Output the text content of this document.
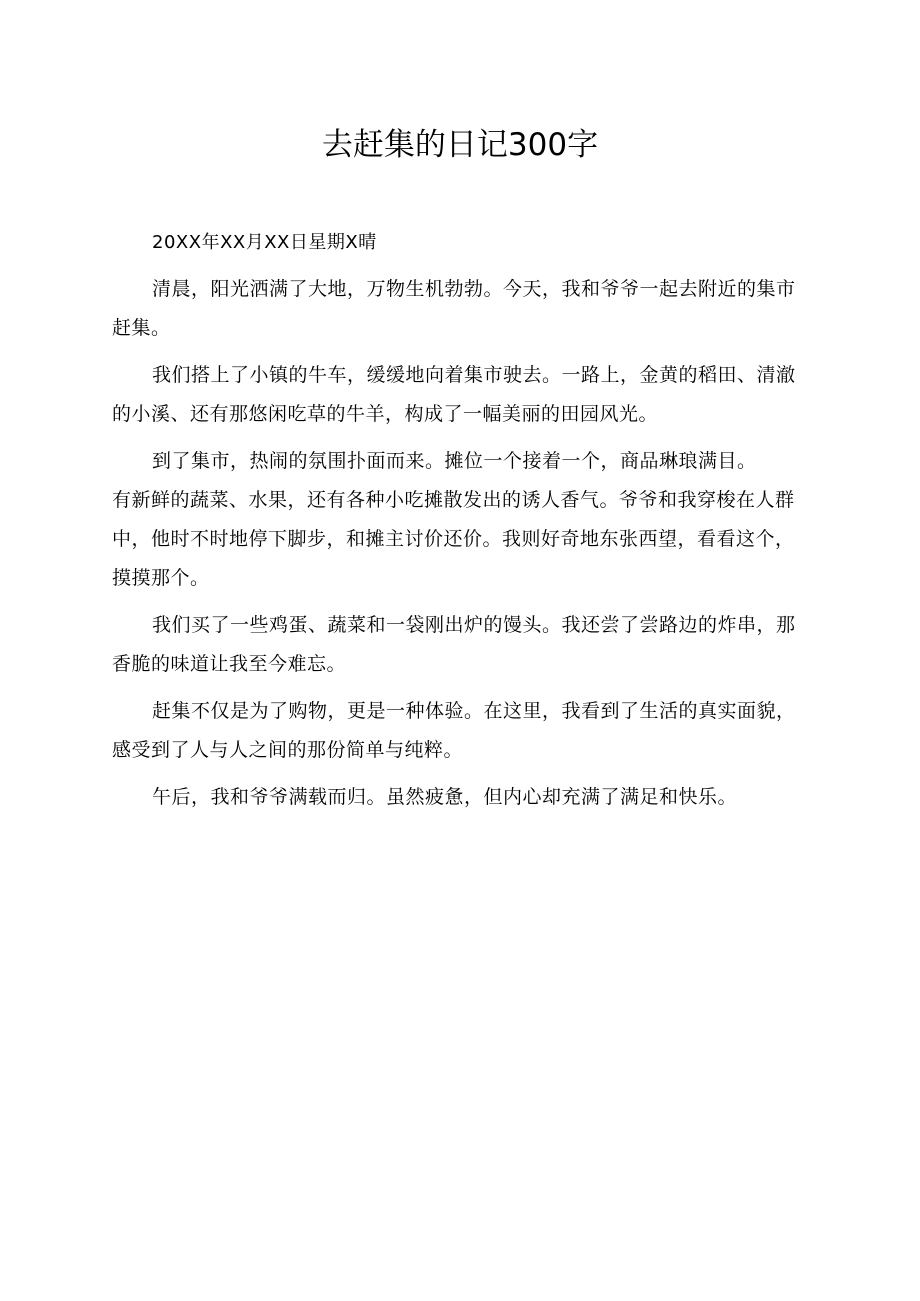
去赶集的日记300字

20XX年XX月XX日星期X晴

清晨，阳光洒满了大地，万物生机勃勃。今天，我和爷爷一起去附近的集市
赶集。

我们搭上了小镇的牛车，缓缓地向着集市驶去。一路上，金黄的稻田、清澈
的小溪、还有那悠闲吃草的牛羊，构成了一幅美丽的田园风光。

到了集市，热闹的氛围扑面而来。摊位一个接着一个，商品琳琅满目。
有新鲜的蔬菜、水果，还有各种小吃摊散发出的诱人香气。爷爷和我穿梭在人群
中，他时不时地停下脚步，和摊主讨价还价。我则好奇地东张西望，看看这个，
摸摸那个。

我们买了一些鸡蛋、蔬菜和一袋刚出炉的馒头。我还尝了尝路边的炸串，那
香脆的味道让我至今难忘。

赶集不仅是为了购物，更是一种体验。在这里，我看到了生活的真实面貌，
感受到了人与人之间的那份简单与纯粹。

午后，我和爷爷满载而归。虽然疲惫，但内心却充满了满足和快乐。
